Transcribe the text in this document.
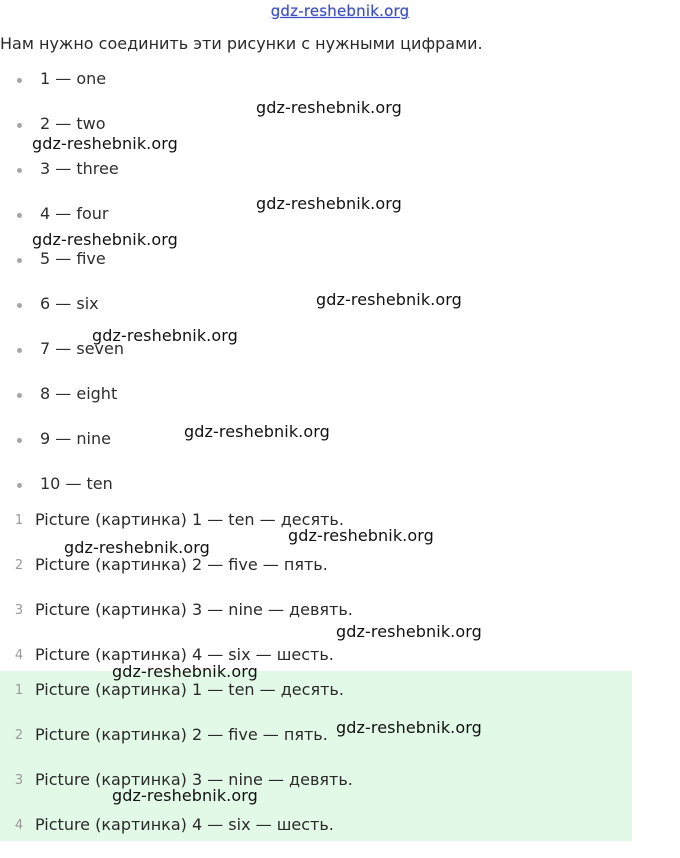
gdz-reshebnik.org
Нам нужно соединить эти рисунки с нужными цифрами.
1 — one
2 — two
3 — three
4 — four
5 — five
6 — six
7 — seven
8 — eight
9 — nine
10 — ten
1 Picture (картинка) 1 — ten — десять.
2 Picture (картинка) 2 — five — пять.
3 Picture (картинка) 3 — nine — девять.
4 Picture (картинка) 4 — six — шесть.
1 Picture (картинка) 1 — ten — десять.
2 Picture (картинка) 2 — five — пять.
3 Picture (картинка) 3 — nine — девять.
4 Picture (картинка) 4 — six — шесть.
gdz-reshebnik.org
gdz-reshebnik.org
gdz-reshebnik.org
gdz-reshebnik.org
gdz-reshebnik.org
gdz-reshebnik.org
gdz-reshebnik.org
gdz-reshebnik.org
gdz-reshebnik.org
gdz-reshebnik.org
gdz-reshebnik.org
gdz-reshebnik.org
gdz-reshebnik.org
